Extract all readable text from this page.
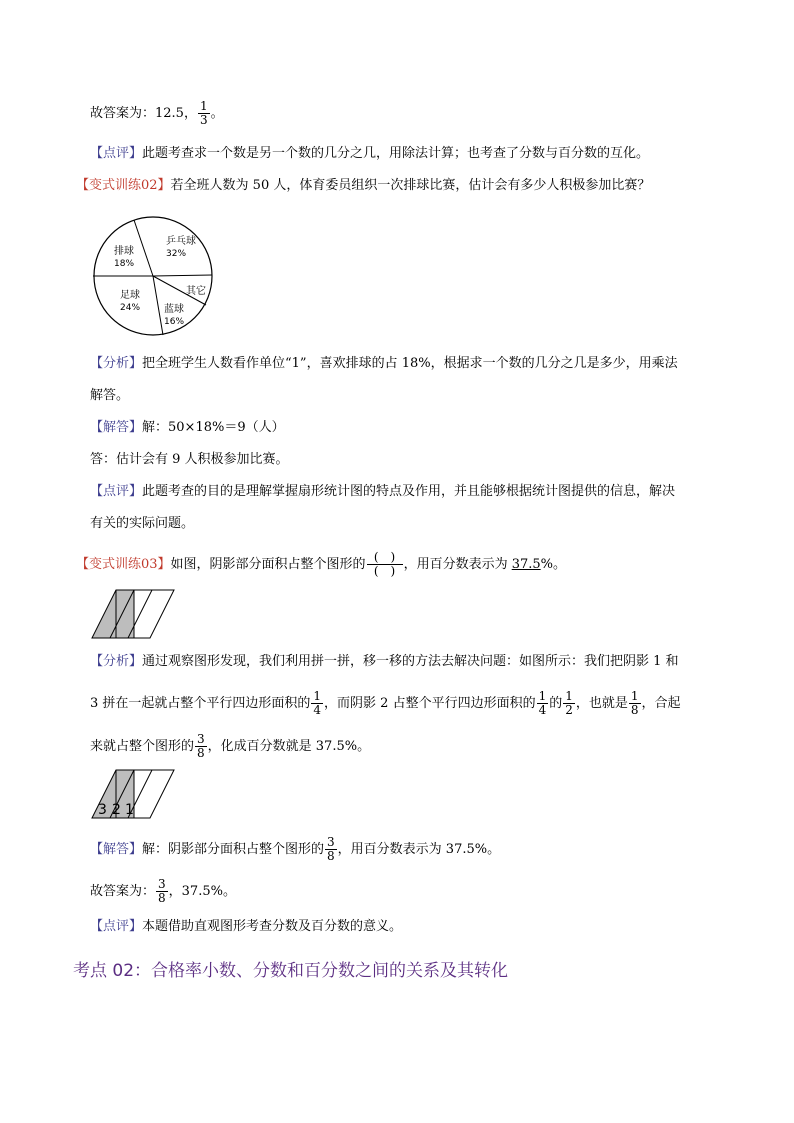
故答案为：12.5， $\frac{1}{3}$ 。
【点评】此题考查求一个数是另一个数的几分之几，用除法计算；也考查了分数与百分数的互化。
【变式训练02】若全班人数为 50 人，体育委员组织一次排球比赛，估计会有多少人积极参加比赛？
排球
18%
乒乓球
32%
其它
蓝球
16%
足球
24%
【分析】把全班学生人数看作单位“1”，喜欢排球的占 18%，根据求一个数的几分之几是多少，用乘法
解答。
【解答】解：50×18%＝9（人）
答：估计会有 9 人积极参加比赛。
【点评】此题考查的目的是理解掌握扇形统计图的特点及作用，并且能够根据统计图提供的信息，解决
有关的实际问题。
【变式训练03】如图，阴影部分面积占整个图形的 $\frac{( )}{( )}$ ，用百分数表示为 37.5%。
【分析】通过观察图形发现，我们利用拼一拼，移一移的方法去解决问题：如图所示：我们把阴影 1 和
3 拼在一起就占整个平行四边形面积的 $\frac{1}{4}$ ，而阴影 2 占整个平行四边形面积的 $\frac{1}{4}$ 的 $\frac{1}{2}$ ，也就是 $\frac{1}{8}$ ，合起
来就占整个图形的 $\frac{3}{8}$ ，化成百分数就是 37.5%。
3 2 1
【解答】解：阴影部分面积占整个图形的 $\frac{3}{8}$ ，用百分数表示为 37.5%。
故答案为： $\frac{3}{8}$ ，37.5%。
【点评】本题借助直观图形考查分数及百分数的意义。
考点 02：合格率小数、分数和百分数之间的关系及其转化
